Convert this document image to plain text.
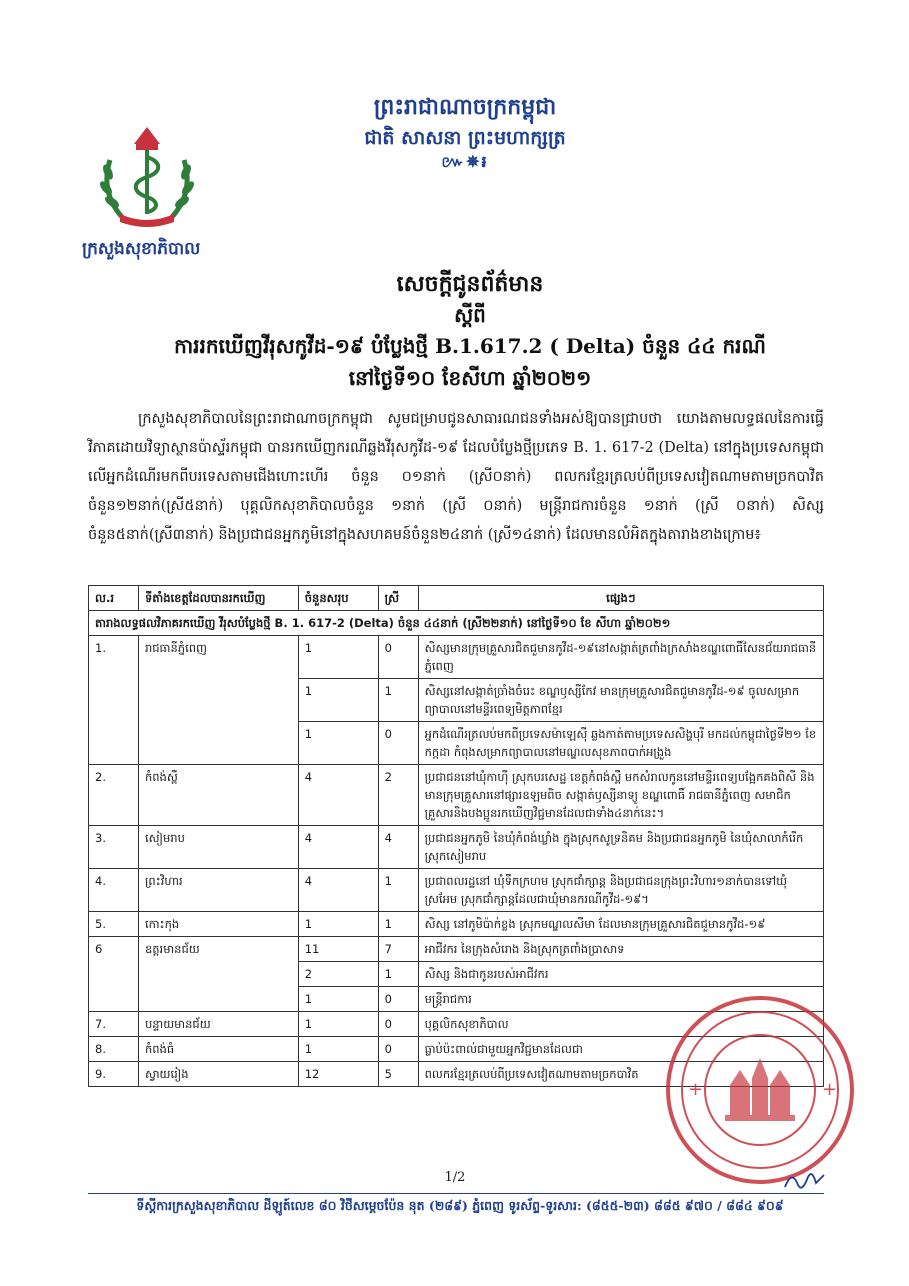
ព្រះរាជាណាចក្រកម្ពុជា
ជាតិ សាសនា ព្រះមហាក្សត្រ
៚✵៛
ក្រសួងសុខាភិបាល
សេចក្តីជូនព័ត៌មាន
ស្តីពី
ការរកឃើញវីរុសកូវីដ-១៩ បំប្លែងថ្មី B.1.617.2 ( Delta) ចំនួន ៤៤ ករណី
នៅថ្ងៃទី១០ ខែសីហា ឆ្នាំ២០២១
ក្រសួងសុខាភិបាលនៃព្រះរាជាណាចក្រកម្ពុជា សូមជម្រាបជូនសាធារណជនទាំងអស់ឱ្យបានជ្រាបថា យោងតាមលទ្ធផលនៃការធ្វើវិភាគដោយវិទ្យាស្ថានប៉ាស្ទ័រកម្ពុជា បានរកឃើញករណីឆ្លងវីរុសកូវីដ-១៩ ដែលបំប្លែងថ្មីប្រភេទ B. 1. 617-2 (Delta) នៅក្នុងប្រទេសកម្ពុជា លើអ្នកដំណើរមកពីបរទេសតាមជើងហោះហើរ ចំនួន ០១នាក់ (ស្រី០នាក់) ពលករខ្មែរត្រលប់ពីប្រទេសវៀតណាមតាមច្រកបាវិតចំនួន១២នាក់(ស្រី៥នាក់) បុគ្គលិកសុខាភិបាលចំនួន ១នាក់ (ស្រី ០នាក់) មន្ត្រីរាជការចំនួន ១នាក់ (ស្រី ០នាក់) សិស្សចំនួន៥នាក់(ស្រី៣នាក់) និងប្រជាជនអ្នកភូមិនៅក្នុងសហគមន៍ចំនួន២៤នាក់ (ស្រី១៤នាក់) ដែលមានលំអិតក្នុងតារាងខាងក្រោម៖
ល.រ	ទីតាំងខេត្តដែលបានរកឃើញ	ចំនួនសរុប	ស្រី	ផ្សេងៗ
តារាងលទ្ធផលវិភាគរកឃើញ វីរុសបំប្លែងថ្មី B. 1. 617-2 (Delta) ចំនួន ៤៤នាក់ (ស្រី២២នាក់) នៅថ្ងៃទី១០ ខែ សីហា ឆ្នាំ២០២១				
1.	រាជធានីភ្នំពេញ	1	0	សិស្សមានក្រុមគ្រួសារជិតជួមានកូវីដ-១៩នៅសង្កាត់ត្រពាំងក្រសាំងខណ្ឌពោធិ៍សែនជ័យរាជធានីភ្នំពេញ
		1	1	សិស្សនៅសង្កាត់ច្រាំងចំរេះ ខណ្ឌឫស្សីកែវ មានក្រុមគ្រួសារជិតជួមានកូវីដ-១៩ ចូលសម្រាកព្យាបាលនៅមន្ទីរពេទ្យមិត្តភាពខ្មែរ
		1	0	អ្នកដំណើរត្រលប់មកពីប្រទេសម៉ាឡេស៊ី ឆ្លងកាត់តាមប្រទេសសិង្ហបុរី មកដល់កម្ពុជាថ្ងៃទី២១ ខែកក្កដា កំពុងសម្រាកព្យាបាលនៅមណ្ឌលសុខភាពបាក់អង្រួង
2.	កំពង់ស្ពឺ	4	2	ប្រជាជននៅឃុំកាហ៊ី ស្រុកបរសេដ្ឋ ខេត្តកំពង់ស្ពឺ មកសំរាលកូននៅមន្ទីរពេទ្យបង្អែកគងពិសី និងមានក្រុមគ្រួសារនៅផ្សារឧឡមពិច សង្កាត់ឫស្សីនាទ្យូ ខណ្ឌពោធិ៍ រាជធានីភ្នំពេញ សមាជិកគ្រួសារនិងបងប្អូនរកឃើញវិជ្ជមានដែលជាទាំង៤នាក់នេះ។
3.	សៀមរាប	4	4	ប្រជាជនអ្នកភូមិ នៃឃុំកំពង់ឃ្លាំង ក្នុងស្រុកសូទ្រនិគម និងប្រជាជនអ្នកភូមិ នៃឃុំសាលាកំរើក ស្រុកសៀមរាប
4.	ព្រះវិហារ	4	1	ប្រជាពលរដ្ឋនៅ ឃុំទឹកក្រហម ស្រុកជាំក្សាន្ត និងប្រជាជនក្រុងព្រះវិហារ១នាក់បានទៅឃុំស្រអែម ស្រុកជាំក្សាន្តដែលជាឃុំមានករណីកូវីដ-១៩។
5.	កោះកុង	1	1	សិស្ស នៅភូមិប៉ាក់ខ្លង ស្រុកមណ្ឌលសីមា ដែលមានក្រុមគ្រួសារជិតជួមានកូវីដ-១៩
6	ឧត្តរមានជ័យ	11	7	អាជីវករ នៃក្រុងសំរោង និងស្រុកត្រពាំងប្រាសាទ
		2	1	សិស្ស និងជាកូនរបស់អាជីវករ
		1	0	មន្ត្រីរាជការ
7.	បន្ទាយមានជ័យ	1	0	បុគ្គលិកសុខាភិបាល
8.	កំពង់ធំ	1	0	ធ្លាប់ប៉ះពាល់ជាមួយអ្នកវិជ្ជមានដែលជា
9.	ស្វាយរៀង	12	5	ពលករខ្មែរត្រលប់ពីប្រទេសវៀតណាមតាមច្រកបាវិត
+	+
1/2
ទីស្តីការក្រសួងសុខាភិបាល ដីឡូត៍លេខ ៨០ វិថីសម្តេចប៉ែន នុត (២៨៩) ភ្នំពេញ ទូរស័ព្ទ-ទូរសារ: (៨៥៥-២៣) ៨៨៥ ៩៧០ / ៨៨៤ ៩០៩
